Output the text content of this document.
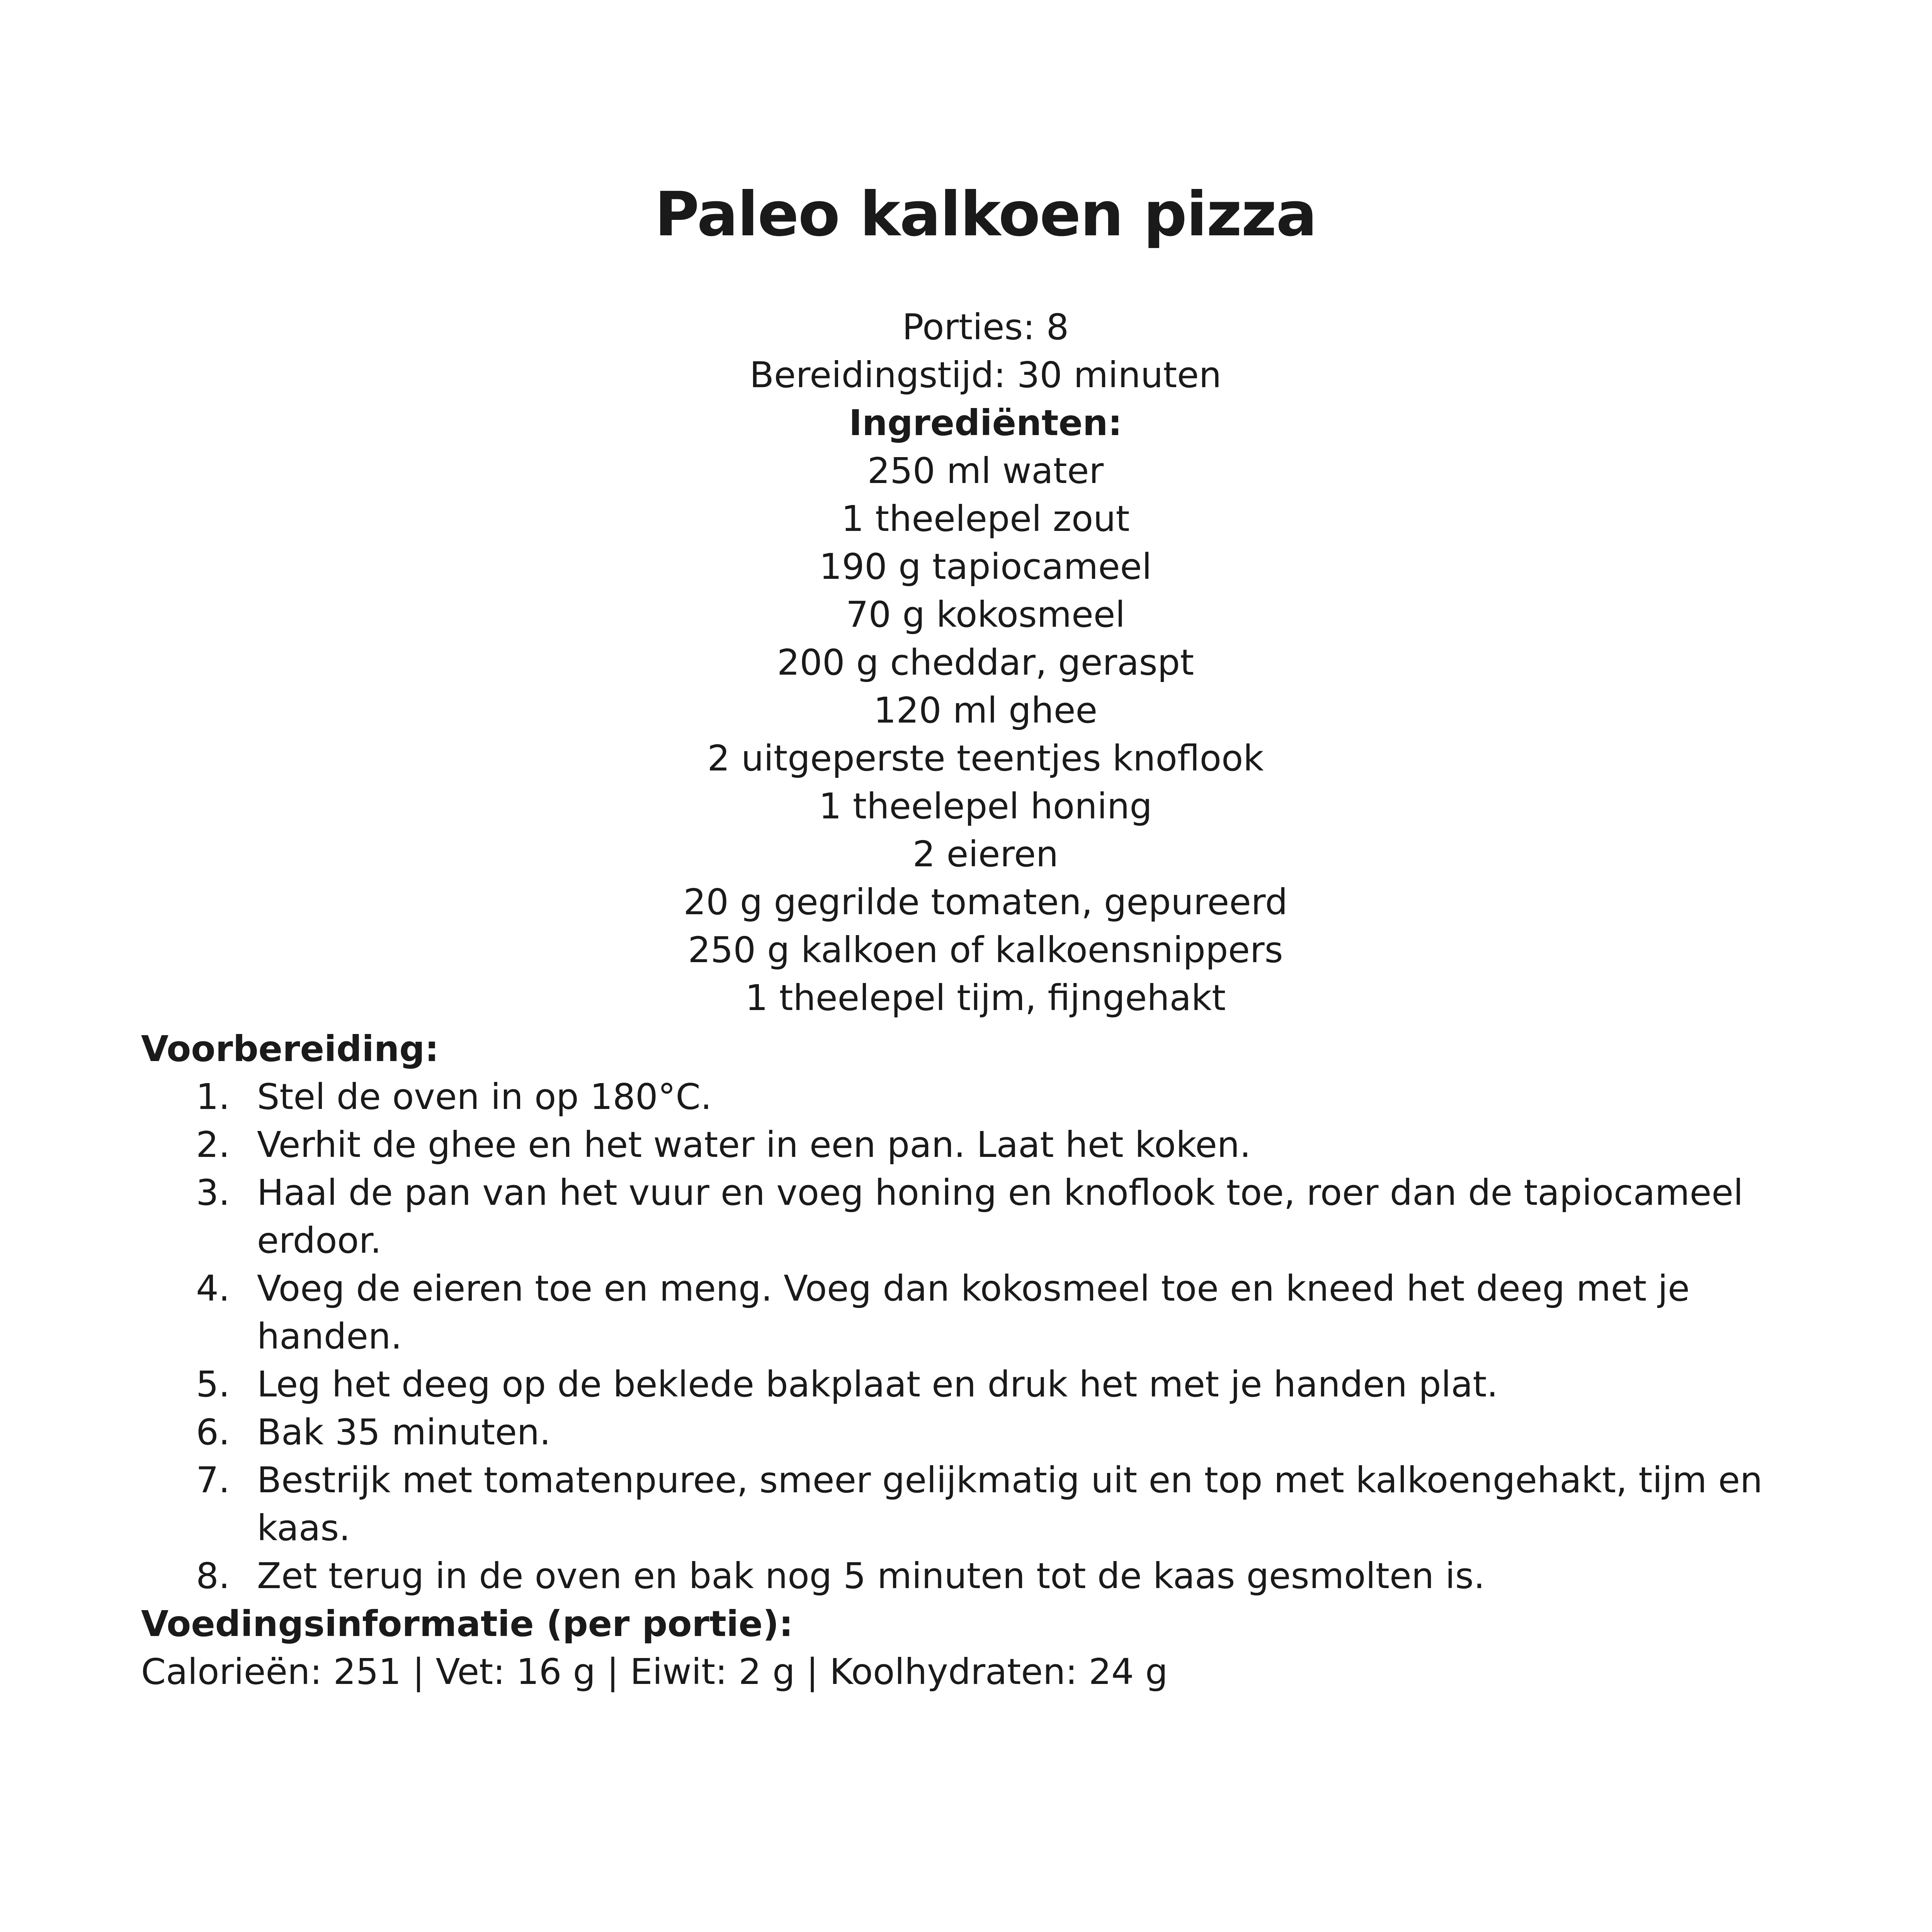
Paleo kalkoen pizza
Porties: 8
Bereidingstijd: 30 minuten
Ingrediënten:
250 ml water
1 theelepel zout
190 g tapiocameel
70 g kokosmeel
200 g cheddar, geraspt
120 ml ghee
2 uitgeperste teentjes knoflook
1 theelepel honing
2 eieren
20 g gegrilde tomaten, gepureerd
250 g kalkoen of kalkoensnippers
1 theelepel tijm, fijngehakt
Voorbereiding:
1. Stel de oven in op 180°C.
2. Verhit de ghee en het water in een pan. Laat het koken.
3. Haal de pan van het vuur en voeg honing en knoflook toe, roer dan de tapiocameel erdoor.
4. Voeg de eieren toe en meng. Voeg dan kokosmeel toe en kneed het deeg met je handen.
5. Leg het deeg op de beklede bakplaat en druk het met je handen plat.
6. Bak 35 minuten.
7. Bestrijk met tomatenpuree, smeer gelijkmatig uit en top met kalkoengehakt, tijm en kaas.
8. Zet terug in de oven en bak nog 5 minuten tot de kaas gesmolten is.
Voedingsinformatie (per portie):
Calorieën: 251 | Vet: 16 g | Eiwit: 2 g | Koolhydraten: 24 g
